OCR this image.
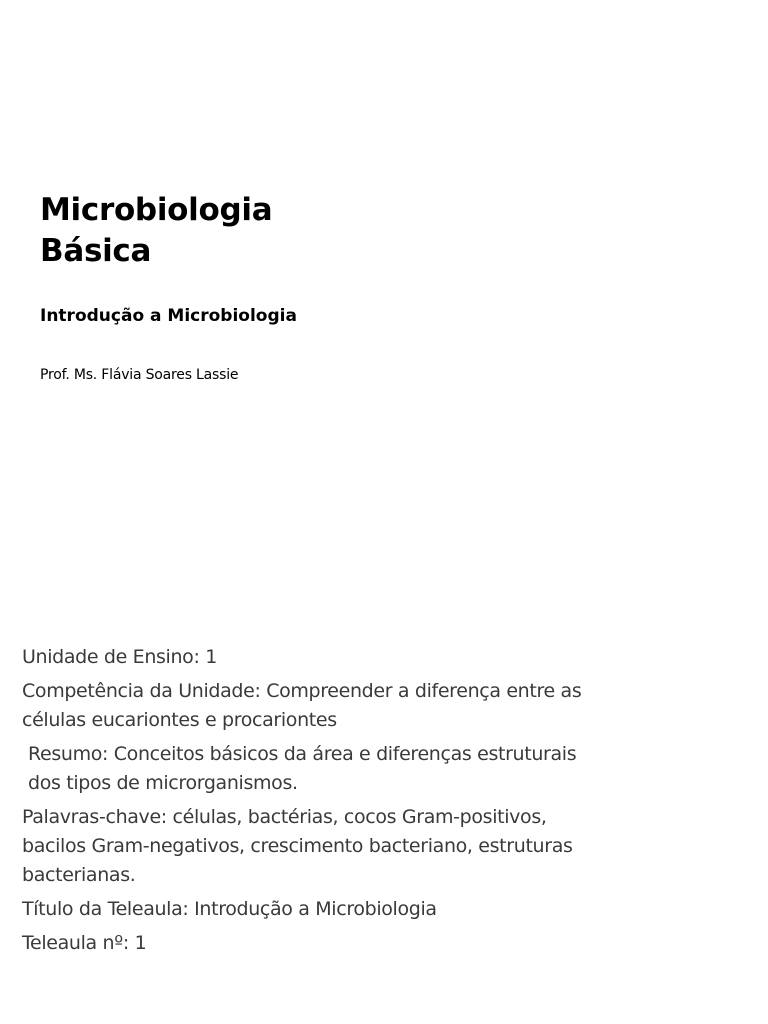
Microbiologia

Básica

Introdução a Microbiologia
Prof. Ms. Flávia Soares Lassie

Unidade de Ensino: 1

Competência da Unidade: Compreender a diferença entre as células eucariontes e procariontes

Resumo: Conceitos básicos da área e diferenças estruturais dos tipos de microrganismos.

Palavras-chave: células, bactérias, cocos Gram-positivos, bacilos Gram-negativos, crescimento bacteriano, estruturas bacterianas.

Título da Teleaula: Introdução a Microbiologia

Teleaula nº: 1
